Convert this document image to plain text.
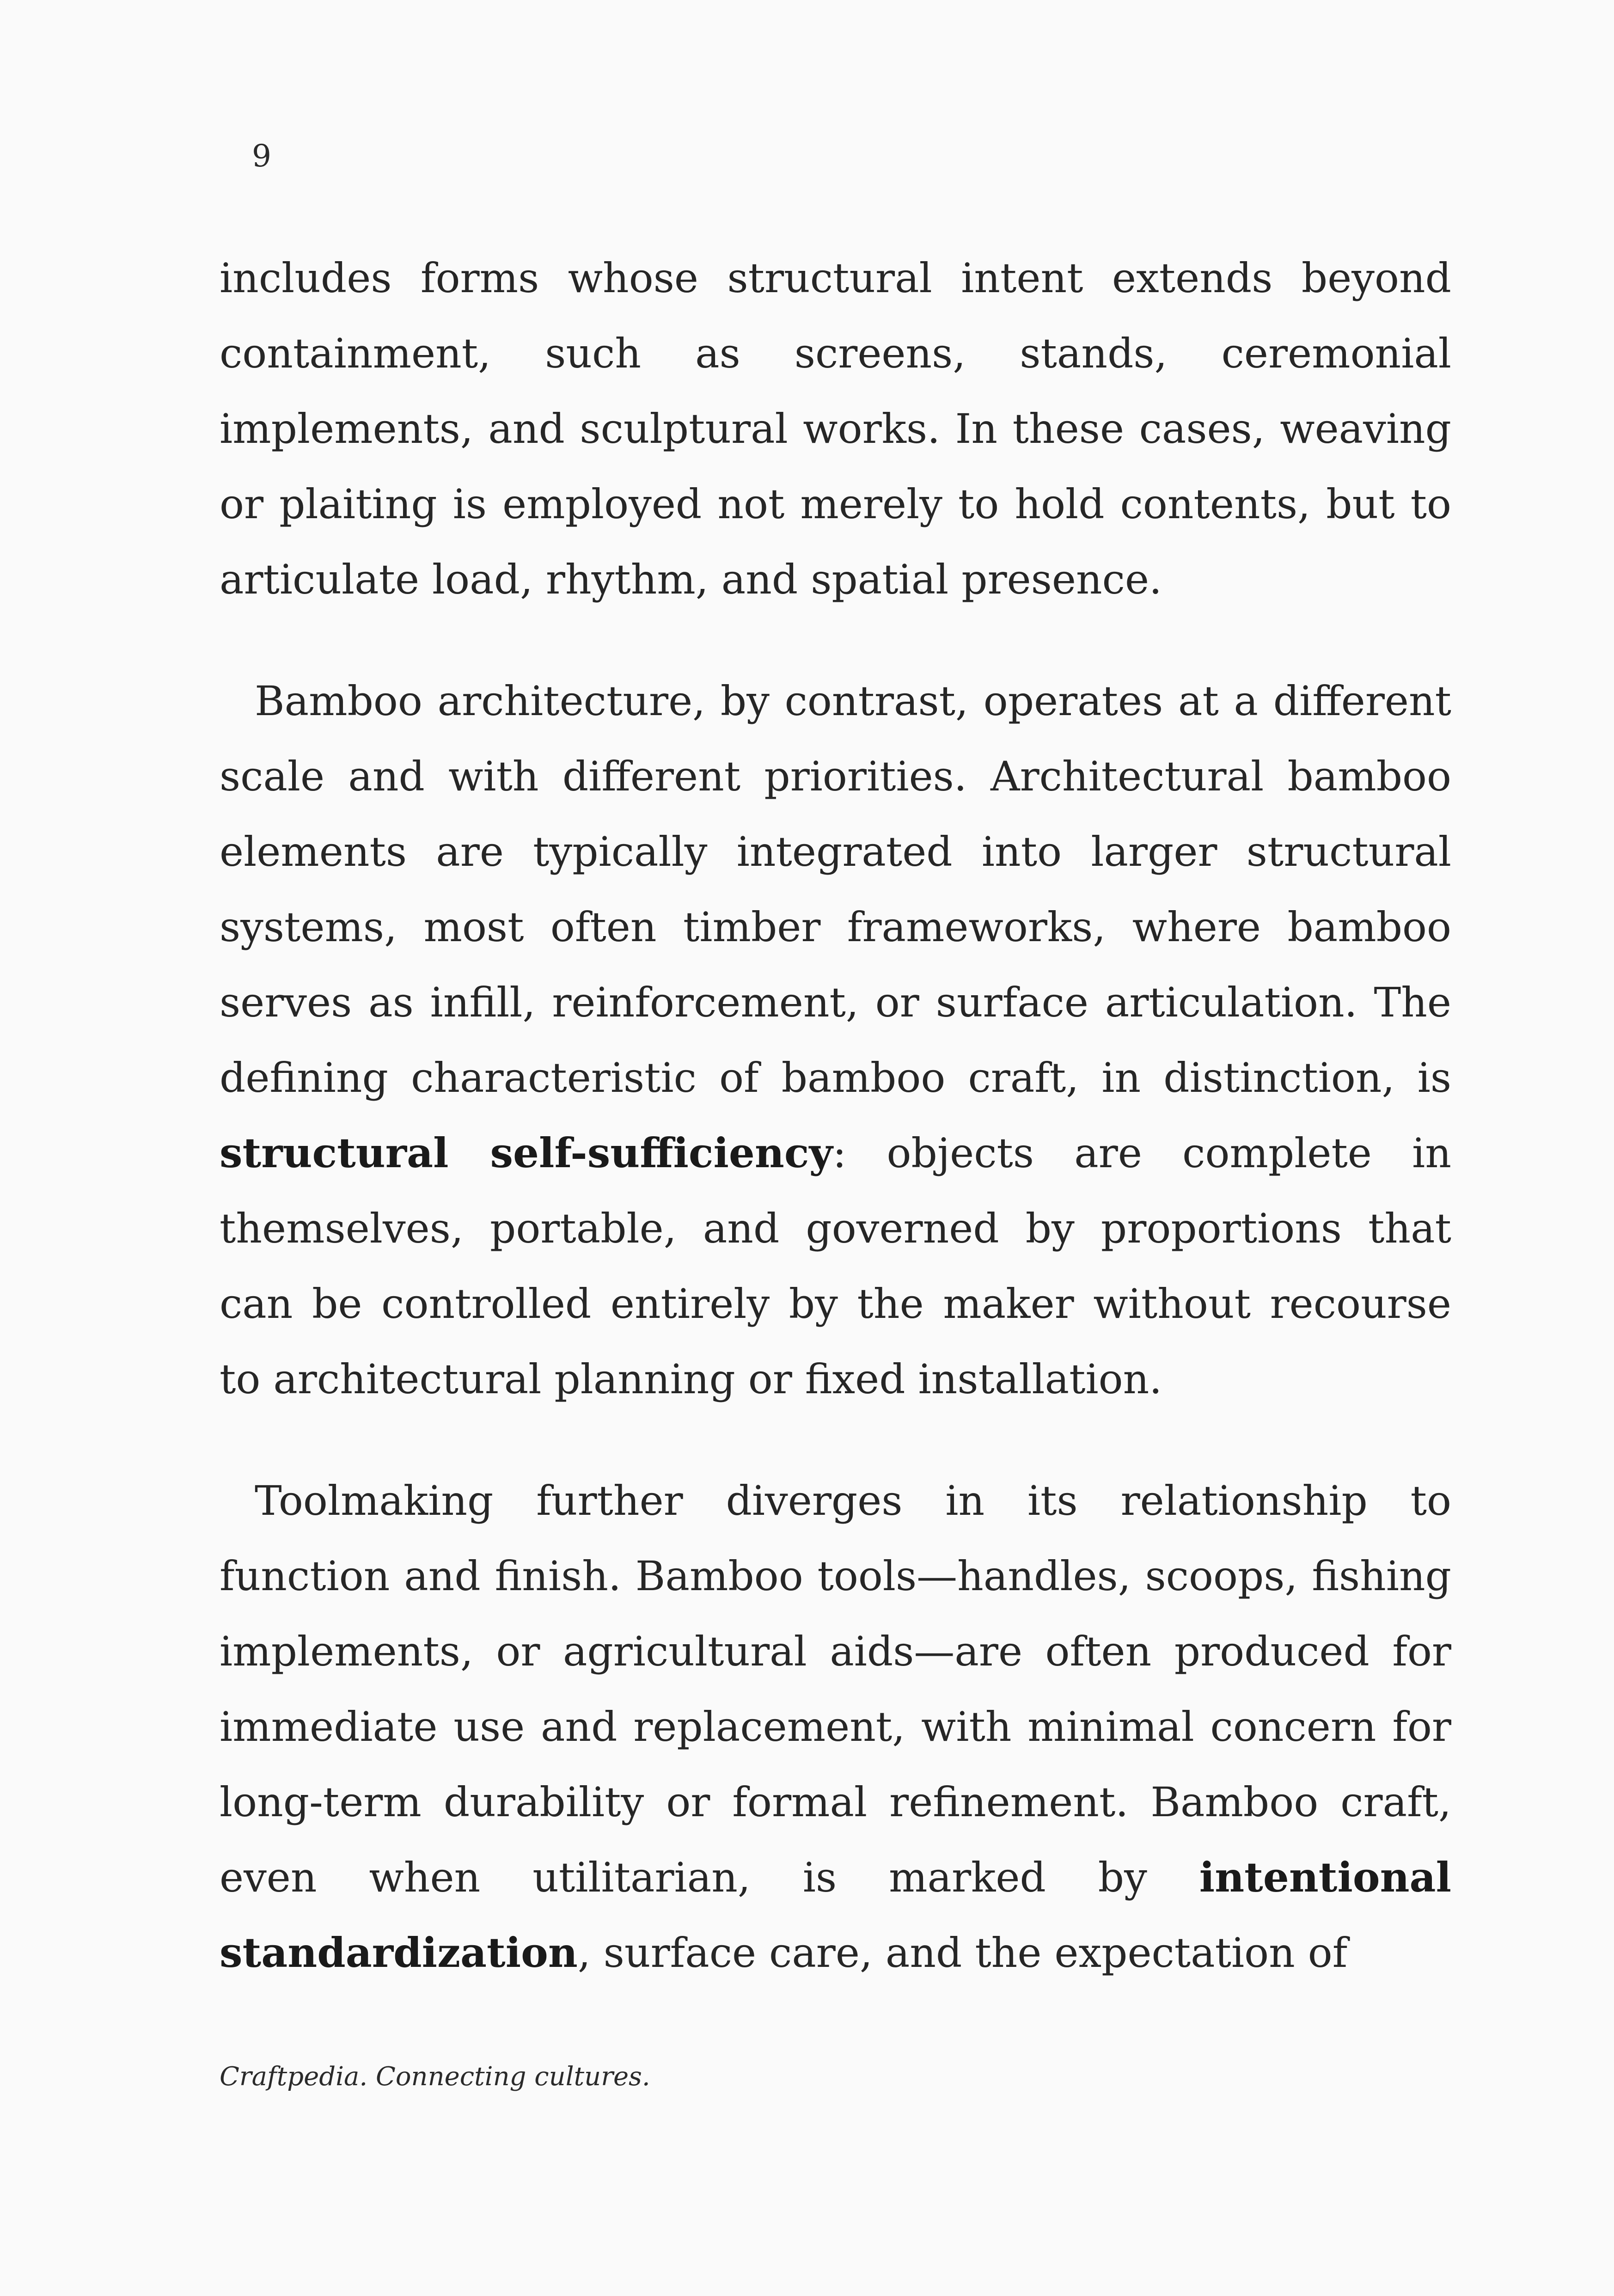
9

includes forms whose structural intent extends beyond containment, such as screens, stands, ceremonial implements, and sculptural works. In these cases, weaving or plaiting is employed not merely to hold contents, but to articulate load, rhythm, and spatial presence.

Bamboo architecture, by contrast, operates at a different scale and with different priorities. Architectural bamboo elements are typically integrated into larger structural systems, most often timber frameworks, where bamboo serves as infill, reinforcement, or surface articulation. The defining characteristic of bamboo craft, in distinction, is structural self-sufficiency: objects are complete in themselves, portable, and governed by proportions that can be controlled entirely by the maker without recourse to architectural planning or fixed installation.

Toolmaking further diverges in its relationship to function and finish. Bamboo tools—handles, scoops, fishing implements, or agricultural aids—are often produced for immediate use and replacement, with minimal concern for long-term durability or formal refinement. Bamboo craft, even when utilitarian, is marked by intentional standardization, surface care, and the expectation of

Craftpedia. Connecting cultures.
